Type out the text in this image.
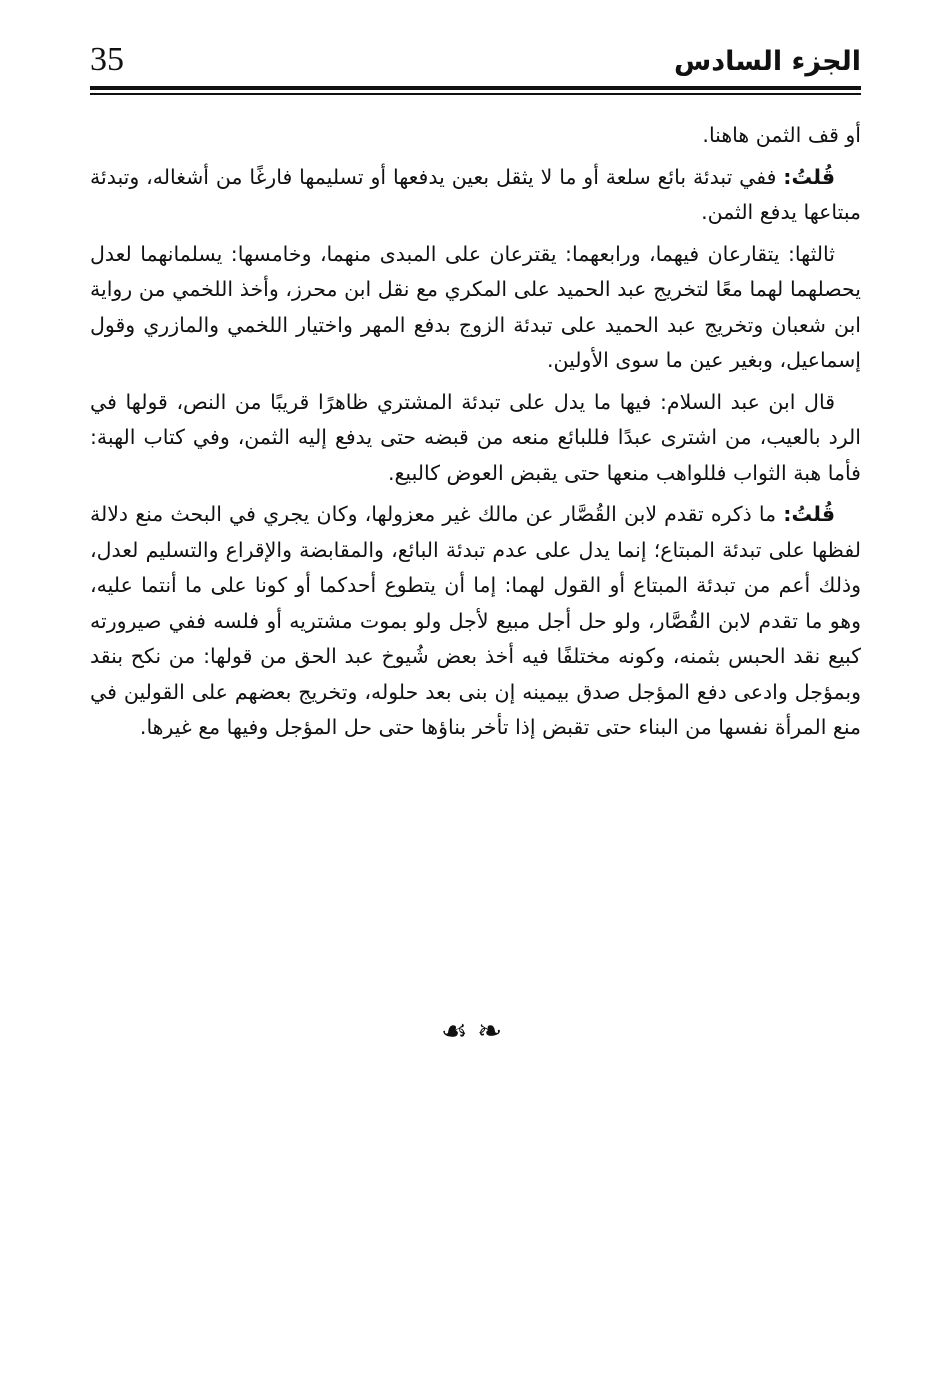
35	الجزء السادس

أو قف الثمن هاهنا.

قُلتُ: ففي تبدئة بائع سلعة أو ما لا يثقل بعين يدفعها أو تسليمها فارغًا من أشغاله، وتبدئة مبتاعها يدفع الثمن.

ثالثها: يتقارعان فيهما، ورابعهما: يقترعان على المبدى منهما، وخامسها: يسلمانهما لعدل يحصلهما لهما معًا لتخريج عبد الحميد على المكري مع نقل ابن محرز، وأخذ اللخمي من رواية ابن شعبان وتخريج عبد الحميد على تبدئة الزوج بدفع المهر واختيار اللخمي والمازري وقول إسماعيل، وبغير عين ما سوى الأولين.

قال ابن عبد السلام: فيها ما يدل على تبدئة المشتري ظاهرًا قريبًا من النص، قولها في الرد بالعيب، من اشترى عبدًا فللبائع منعه من قبضه حتى يدفع إليه الثمن، وفي كتاب الهبة: فأما هبة الثواب فللواهب منعها حتى يقبض العوض كالبيع.

قُلتُ: ما ذكره تقدم لابن القُصَّار عن مالك غير معزولها، وكان يجري في البحث منع دلالة لفظها على تبدئة المبتاع؛ إنما يدل على عدم تبدئة البائع، والمقابضة والإقراع والتسليم لعدل، وذلك أعم من تبدئة المبتاع أو القول لهما: إما أن يتطوع أحدكما أو كونا على ما أنتما عليه، وهو ما تقدم لابن القُصَّار، ولو حل أجل مبيع لأجل ولو بموت مشتريه أو فلسه ففي صيرورته كبيع نقد الحبس بثمنه، وكونه مختلفًا فيه أخذ بعض شُيوخ عبد الحق من قولها: من نكح بنقد وبمؤجل وادعى دفع المؤجل صدق بيمينه إن بنى بعد حلوله، وتخريج بعضهم على القولين في منع المرأة نفسها من البناء حتى تقبض إذا تأخر بناؤها حتى حل المؤجل وفيها مع غيرها.

☙ ❧
